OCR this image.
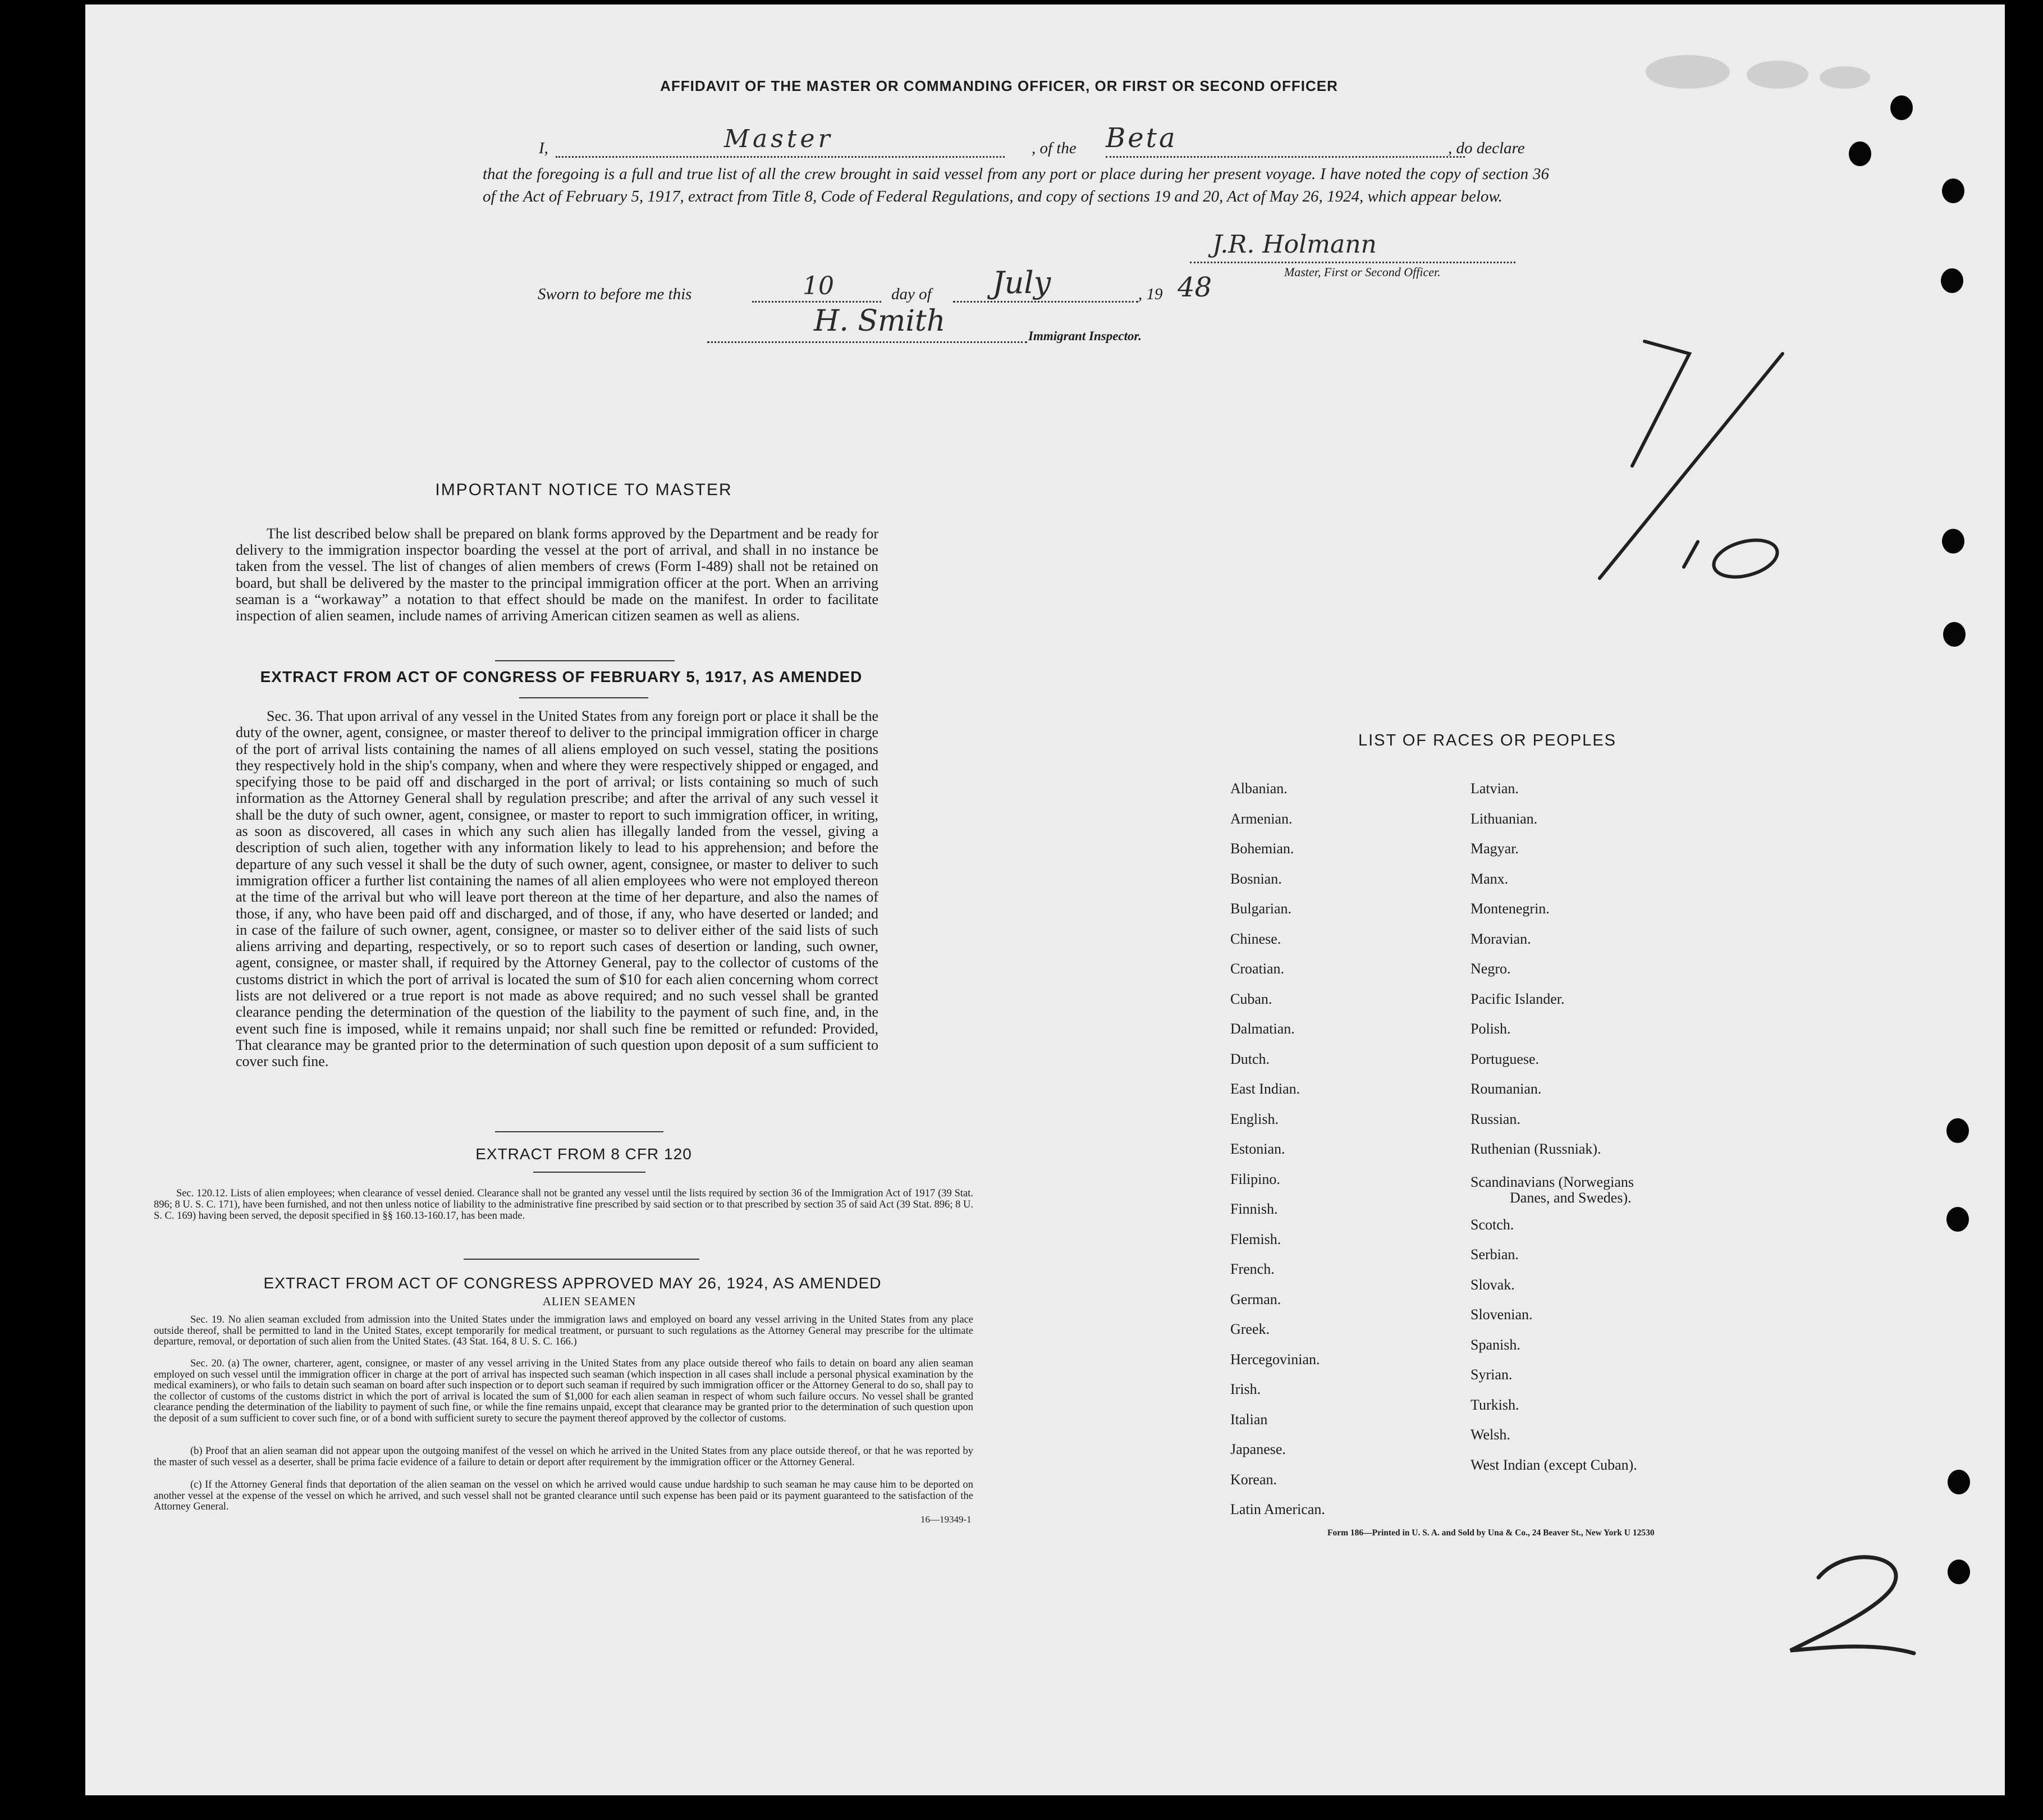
AFFIDAVIT OF THE MASTER OR COMMANDING OFFICER, OR FIRST OR SECOND OFFICER
I,	Master	, of the Beta	, do declare
that the foregoing is a full and true list of all the crew brought in said vessel from any port or place during her present voyage. I have noted the copy of section 36 of the Act of February 5, 1917, extract from Title 8, Code of Federal Regulations, and copy of sections 19 and 20, Act of May 26, 1924, which appear below.
J.R. Holmann
Master, First or Second Officer.
Sworn to before me this	10	day of July	, 19 48
H. Smith	Immigrant Inspector.
IMPORTANT NOTICE TO MASTER
The list described below shall be prepared on blank forms approved by the Department and be ready for delivery to the immigration inspector boarding the vessel at the port of arrival, and shall in no instance be taken from the vessel. The list of changes of alien members of crews (Form I-489) shall not be retained on board, but shall be delivered by the master to the principal immigration officer at the port. When an arriving seaman is a “workaway” a notation to that effect should be made on the manifest. In order to facilitate inspection of alien seamen, include names of arriving American citizen seamen as well as aliens.
EXTRACT FROM ACT OF CONGRESS OF FEBRUARY 5, 1917, AS AMENDED
Sec. 36. That upon arrival of any vessel in the United States from any foreign port or place it shall be the duty of the owner, agent, consignee, or master thereof to deliver to the principal immigration officer in charge of the port of arrival lists containing the names of all aliens employed on such vessel, stating the positions they respectively hold in the ship's company, when and where they were respectively shipped or engaged, and specifying those to be paid off and discharged in the port of arrival; or lists containing so much of such information as the Attorney General shall by regulation prescribe; and after the arrival of any such vessel it shall be the duty of such owner, agent, consignee, or master to report to such immigration officer, in writing, as soon as discovered, all cases in which any such alien has illegally landed from the vessel, giving a description of such alien, together with any information likely to lead to his apprehension; and before the departure of any such vessel it shall be the duty of such owner, agent, consignee, or master to deliver to such immigration officer a further list containing the names of all alien employees who were not employed thereon at the time of the arrival but who will leave port thereon at the time of her departure, and also the names of those, if any, who have been paid off and discharged, and of those, if any, who have deserted or landed; and in case of the failure of such owner, agent, consignee, or master so to deliver either of the said lists of such aliens arriving and departing, respectively, or so to report such cases of desertion or landing, such owner, agent, consignee, or master shall, if required by the Attorney General, pay to the collector of customs of the customs district in which the port of arrival is located the sum of $10 for each alien concerning whom correct lists are not delivered or a true report is not made as above required; and no such vessel shall be granted clearance pending the determination of the question of the liability to the payment of such fine, and, in the event such fine is imposed, while it remains unpaid; nor shall such fine be remitted or refunded: Provided, That clearance may be granted prior to the determination of such question upon deposit of a sum sufficient to cover such fine.
EXTRACT FROM 8 CFR 120
Sec. 120.12. Lists of alien employees; when clearance of vessel denied. Clearance shall not be granted any vessel until the lists required by section 36 of the Immigration Act of 1917 (39 Stat. 896; 8 U. S. C. 171), have been furnished, and not then unless notice of liability to the administrative fine prescribed by said section or to that prescribed by section 35 of said Act (39 Stat. 896; 8 U. S. C. 169) having been served, the deposit specified in §§ 160.13-160.17, has been made.
EXTRACT FROM ACT OF CONGRESS APPROVED MAY 26, 1924, AS AMENDED
ALIEN SEAMEN
Sec. 19. No alien seaman excluded from admission into the United States under the immigration laws and employed on board any vessel arriving in the United States from any place outside thereof, shall be permitted to land in the United States, except temporarily for medical treatment, or pursuant to such regulations as the Attorney General may prescribe for the ultimate departure, removal, or deportation of such alien from the United States. (43 Stat. 164, 8 U. S. C. 166.)
Sec. 20. (a) The owner, charterer, agent, consignee, or master of any vessel arriving in the United States from any place outside thereof who fails to detain on board any alien seaman employed on such vessel until the immigration officer in charge at the port of arrival has inspected such seaman (which inspection in all cases shall include a personal physical examination by the medical examiners), or who fails to detain such seaman on board after such inspection or to deport such seaman if required by such immigration officer or the Attorney General to do so, shall pay to the collector of customs of the customs district in which the port of arrival is located the sum of $1,000 for each alien seaman in respect of whom such failure occurs. No vessel shall be granted clearance pending the determination of the liability to payment of such fine, or while the fine remains unpaid, except that clearance may be granted prior to the determination of such question upon the deposit of a sum sufficient to cover such fine, or of a bond with sufficient surety to secure the payment thereof approved by the collector of customs.
(b) Proof that an alien seaman did not appear upon the outgoing manifest of the vessel on which he arrived in the United States from any place outside thereof, or that he was reported by the master of such vessel as a deserter, shall be prima facie evidence of a failure to detain or deport after requirement by the immigration officer or the Attorney General.
(c) If the Attorney General finds that deportation of the alien seaman on the vessel on which he arrived would cause undue hardship to such seaman he may cause him to be deported on another vessel at the expense of the vessel on which he arrived, and such vessel shall not be granted clearance until such expense has been paid or its payment guaranteed to the satisfaction of the Attorney General.
16—19349-1
LIST OF RACES OR PEOPLES
Albanian.
Armenian.
Bohemian.
Bosnian.
Bulgarian.
Chinese.
Croatian.
Cuban.
Dalmatian.
Dutch.
East Indian.
English.
Estonian.
Filipino.
Finnish.
Flemish.
French.
German.
Greek.
Hercegovinian.
Irish.
Italian
Japanese.
Korean.
Latin American.
Latvian.
Lithuanian.
Magyar.
Manx.
Montenegrin.
Moravian.
Negro.
Pacific Islander.
Polish.
Portuguese.
Roumanian.
Russian.
Ruthenian (Russniak).
Scandinavians (Norwegians
Danes, and Swedes).
Scotch.
Serbian.
Slovak.
Slovenian.
Spanish.
Syrian.
Turkish.
Welsh.
West Indian (except Cuban).
Form 186—Printed in U. S. A. and Sold by Una & Co., 24 Beaver St., New York U 12530
